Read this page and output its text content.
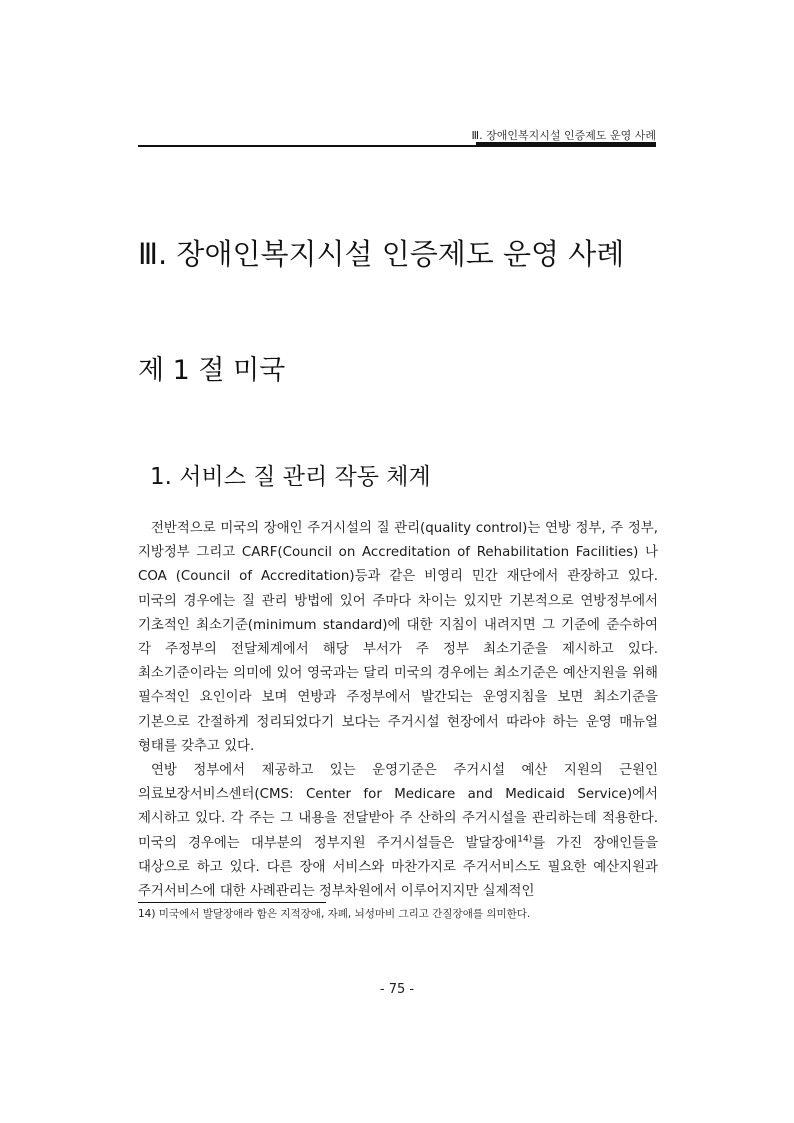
Ⅲ. 장애인복지시설 인증제도 운영 사례
Ⅲ. 장애인복지시설 인증제도 운영 사례
제 1 절 미국
1. 서비스 질 관리 작동 체계

전반적으로 미국의 장애인 주거시설의 질 관리(quality control)는 연방 정부, 주 정부, 지방정부 그리고 CARF(Council on Accreditation of Rehabilitation Facilities) 나 COA (Council of Accreditation)등과 같은 비영리 민간 재단에서 관장하고 있다. 미국의 경우에는 질 관리 방법에 있어 주마다 차이는 있지만 기본적으로 연방정부에서 기초적인 최소기준(minimum standard)에 대한 지침이 내려지면 그 기준에 준수하여 각 주정부의 전달체계에서 해당 부서가 주 정부 최소기준을 제시하고 있다. 최소기준이라는 의미에 있어 영국과는 달리 미국의 경우에는 최소기준은 예산지원을 위해 필수적인 요인이라 보며 연방과 주정부에서 발간되는 운영지침을 보면 최소기준을 기본으로 간절하게 정리되었다기 보다는 주거시설 현장에서 따라야 하는 운영 매뉴얼 형태를 갖추고 있다.

연방 정부에서 제공하고 있는 운영기준은 주거시설 예산 지원의 근원인 의료보장서비스센터(CMS: Center for Medicare and Medicaid Service)에서 제시하고 있다. 각 주는 그 내용을 전달받아 주 산하의 주거시설을 관리하는데 적용한다. 미국의 경우에는 대부분의 정부지원 주거시설들은 발달장애$^{14)}$를 가진 장애인들을 대상으로 하고 있다. 다른 장애 서비스와 마찬가지로 주거서비스도 필요한 예산지원과 주거서비스에 대한 사례관리는 정부차원에서 이루어지지만 실제적인

14) 미국에서 발달장애라 함은 지적장애, 자폐, 뇌성마비 그리고 간질장애를 의미한다.
- 75 -
